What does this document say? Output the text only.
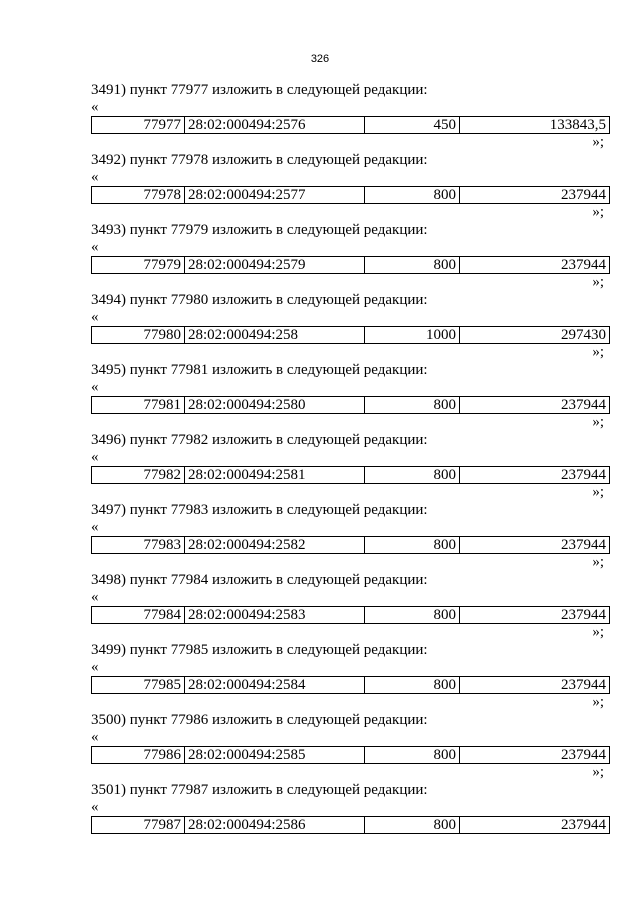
326
3491) пункт 77977 изложить в следующей редакции:
«
77977	28:02:000494:2576	450	133843,5
»;
3492) пункт 77978 изложить в следующей редакции:
«
77978	28:02:000494:2577	800	237944
»;
3493) пункт 77979 изложить в следующей редакции:
«
77979	28:02:000494:2579	800	237944
»;
3494) пункт 77980 изложить в следующей редакции:
«
77980	28:02:000494:258	1000	297430
»;
3495) пункт 77981 изложить в следующей редакции:
«
77981	28:02:000494:2580	800	237944
»;
3496) пункт 77982 изложить в следующей редакции:
«
77982	28:02:000494:2581	800	237944
»;
3497) пункт 77983 изложить в следующей редакции:
«
77983	28:02:000494:2582	800	237944
»;
3498) пункт 77984 изложить в следующей редакции:
«
77984	28:02:000494:2583	800	237944
»;
3499) пункт 77985 изложить в следующей редакции:
«
77985	28:02:000494:2584	800	237944
»;
3500) пункт 77986 изложить в следующей редакции:
«
77986	28:02:000494:2585	800	237944
»;
3501) пункт 77987 изложить в следующей редакции:
«
77987	28:02:000494:2586	800	237944
